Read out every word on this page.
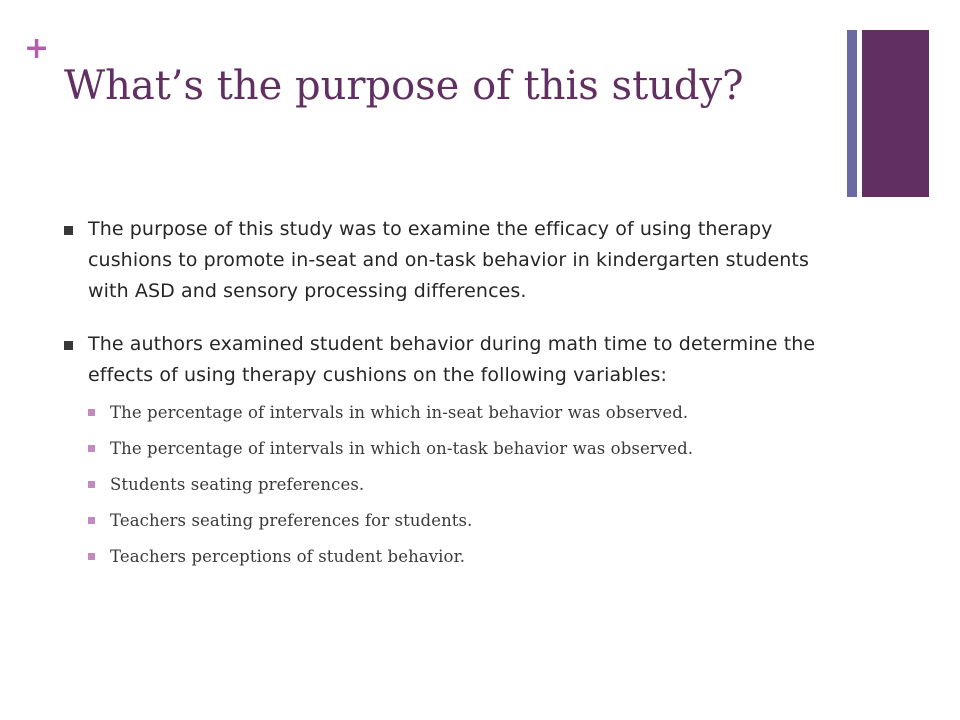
+
What’s the purpose of this study?
The purpose of this study was to examine the efficacy of using therapy cushions to promote in-seat and on-task behavior in kindergarten students with ASD and sensory processing differences.
The authors examined student behavior during math time to determine the effects of using therapy cushions on the following variables:
The percentage of intervals in which in-seat behavior was observed.
The percentage of intervals in which on-task behavior was observed.
Students seating preferences.
Teachers seating preferences for students.
Teachers perceptions of student behavior.
